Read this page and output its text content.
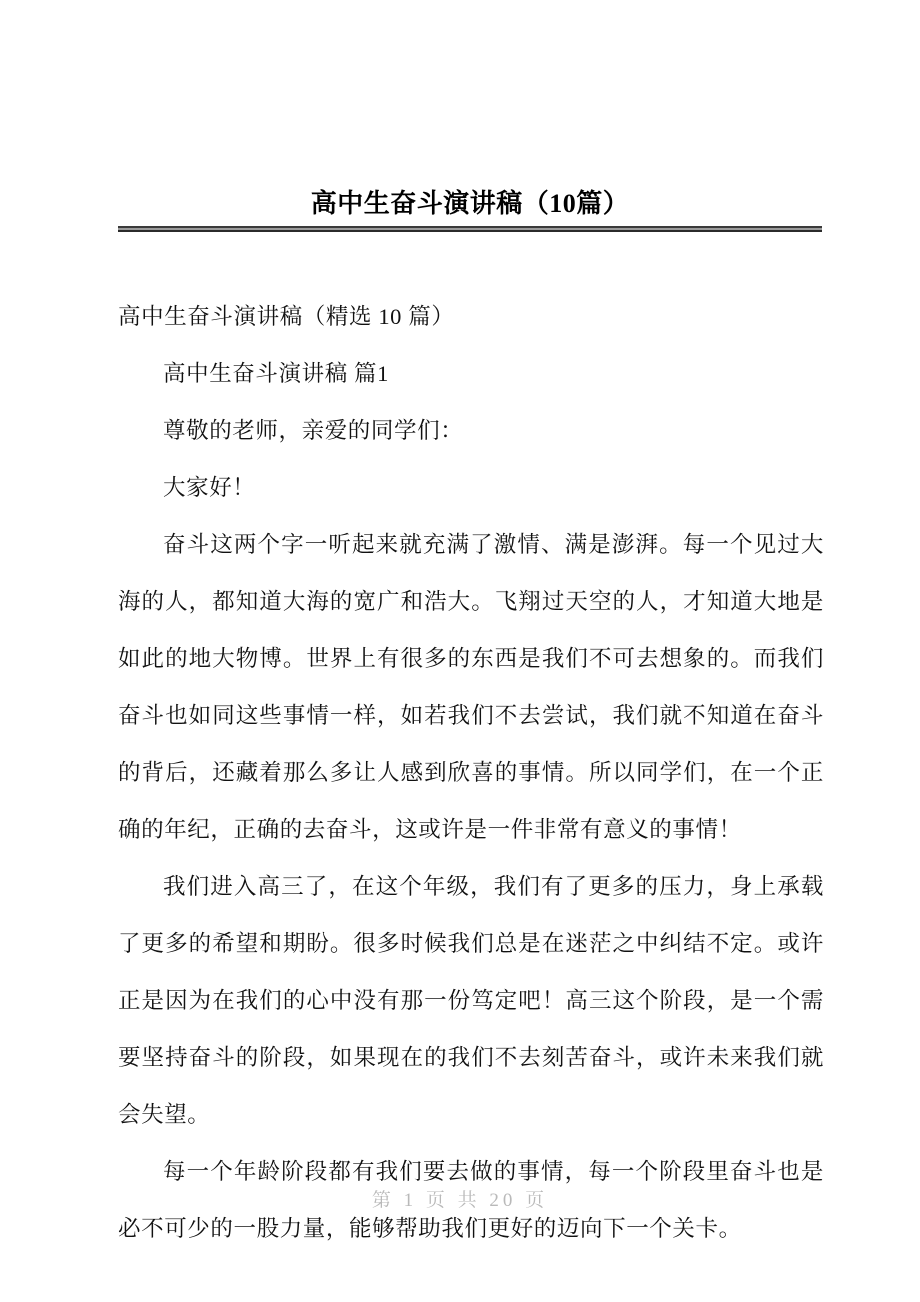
高中生奋斗演讲稿（10篇）

高中生奋斗演讲稿（精选 10 篇）

高中生奋斗演讲稿 篇1

尊敬的老师，亲爱的同学们：

大家好！

奋斗这两个字一听起来就充满了激情、满是澎湃。每一个见过大海的人，都知道大海的宽广和浩大。飞翔过天空的人，才知道大地是如此的地大物博。世界上有很多的东西是我们不可去想象的。而我们奋斗也如同这些事情一样，如若我们不去尝试，我们就不知道在奋斗的背后，还藏着那么多让人感到欣喜的事情。所以同学们，在一个正确的年纪，正确的去奋斗，这或许是一件非常有意义的事情！

我们进入高三了，在这个年级，我们有了更多的压力，身上承载了更多的希望和期盼。很多时候我们总是在迷茫之中纠结不定。或许正是因为在我们的心中没有那一份笃定吧！高三这个阶段，是一个需要坚持奋斗的阶段，如果现在的我们不去刻苦奋斗，或许未来我们就会失望。

每一个年龄阶段都有我们要去做的事情，每一个阶段里奋斗也是必不可少的一股力量，能够帮助我们更好的迈向下一个关卡。

第 1 页 共 20 页
